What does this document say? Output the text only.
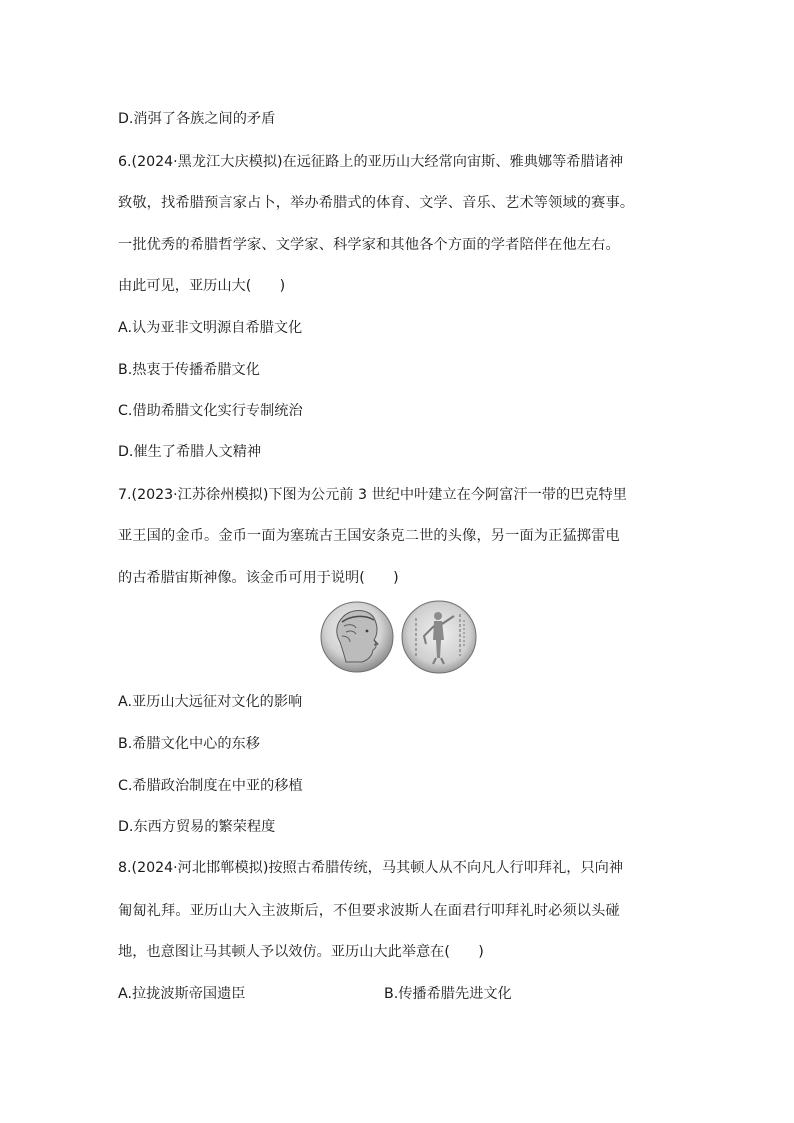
D.消弭了各族之间的矛盾
6.(2024·黑龙江大庆模拟)在远征路上的亚历山大经常向宙斯、雅典娜等希腊诸神
致敬，找希腊预言家占卜，举办希腊式的体育、文学、音乐、艺术等领域的赛事。
一批优秀的希腊哲学家、文学家、科学家和其他各个方面的学者陪伴在他左右。
由此可见，亚历山大(　　)
A.认为亚非文明源自希腊文化
B.热衷于传播希腊文化
C.借助希腊文化实行专制统治
D.催生了希腊人文精神
7.(2023·江苏徐州模拟)下图为公元前 3 世纪中叶建立在今阿富汗一带的巴克特里
亚王国的金币。金币一面为塞琉古王国安条克二世的头像，另一面为正猛掷雷电
的古希腊宙斯神像。该金币可用于说明(　　)
A.亚历山大远征对文化的影响
B.希腊文化中心的东移
C.希腊政治制度在中亚的移植
D.东西方贸易的繁荣程度
8.(2024·河北邯郸模拟)按照古希腊传统，马其顿人从不向凡人行叩拜礼，只向神
匍匐礼拜。亚历山大入主波斯后，不但要求波斯人在面君行叩拜礼时必须以头碰
地，也意图让马其顿人予以效仿。亚历山大此举意在(　　)
A.拉拢波斯帝国遗臣	B.传播希腊先进文化
